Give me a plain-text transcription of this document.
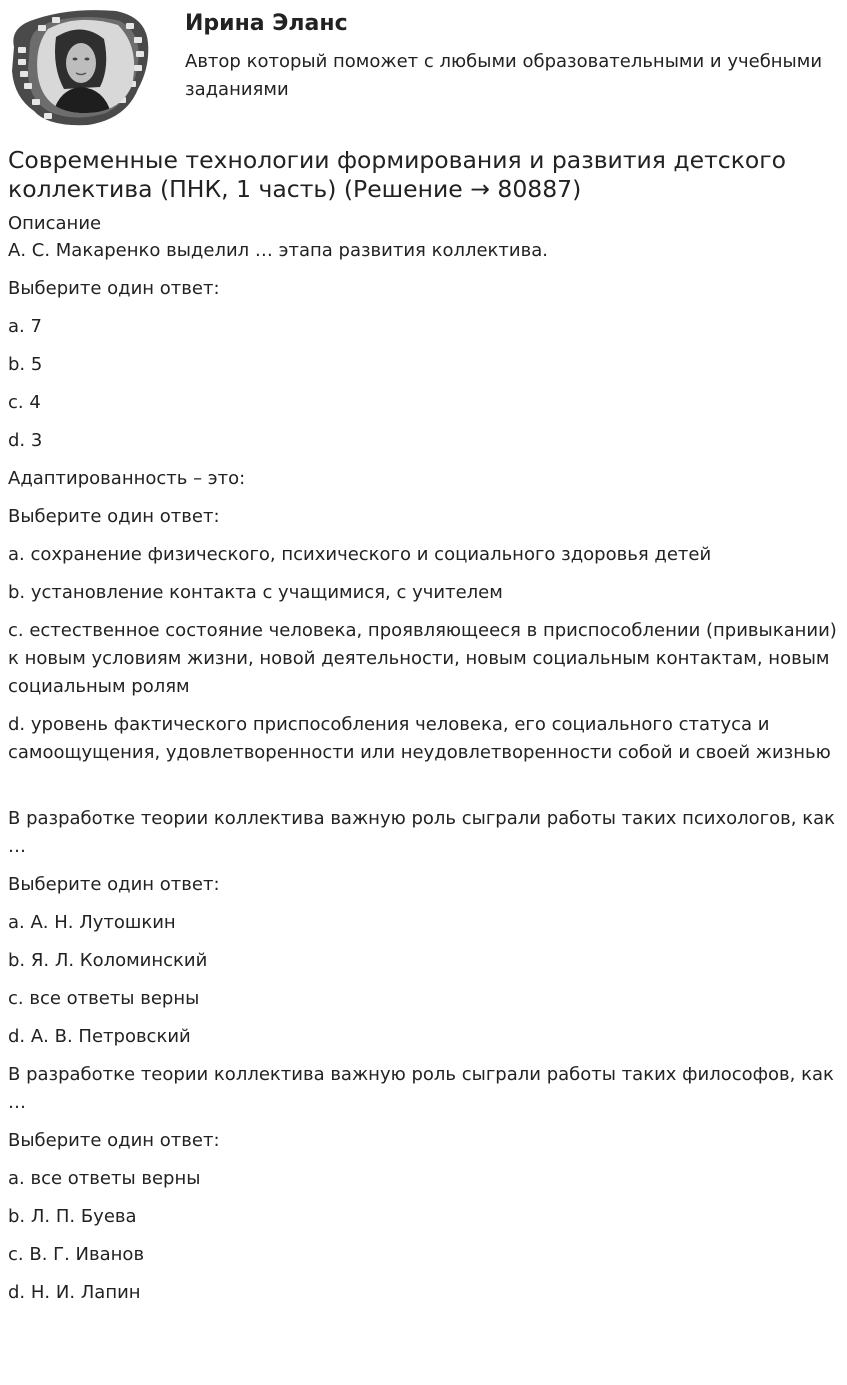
Ирина Эланс
Автор который поможет с любыми образовательными и учебными заданиями
Современные технологии формирования и развития детского коллектива (ПНК, 1 часть) (Решение → 80887)
Описание

А. С. Макаренко выделил … этапа развития коллектива.

Выберите один ответ:

a. 7

b. 5

c. 4

d. 3

Адаптированность – это:

Выберите один ответ:

a. сохранение физического, психического и социального здоровья детей

b. установление контакта с учащимися, с учителем

c. естественное состояние человека, проявляющееся в приспособлении (привыкании) к новым условиям жизни, новой деятельности, новым социальным контактам, новым социальным ролям

d. уровень фактического приспособления человека, его социального статуса и самоощущения, удовлетворенности или неудовлетворенности собой и своей жизнью

В разработке теории коллектива важную роль сыграли работы таких психологов, как …

Выберите один ответ:

a. А. Н. Лутошкин

b. Я. Л. Коломинский

c. все ответы верны

d. А. В. Петровский

В разработке теории коллектива важную роль сыграли работы таких философов, как …

Выберите один ответ:

a. все ответы верны

b. Л. П. Буева

c. В. Г. Иванов

d. Н. И. Лапин
